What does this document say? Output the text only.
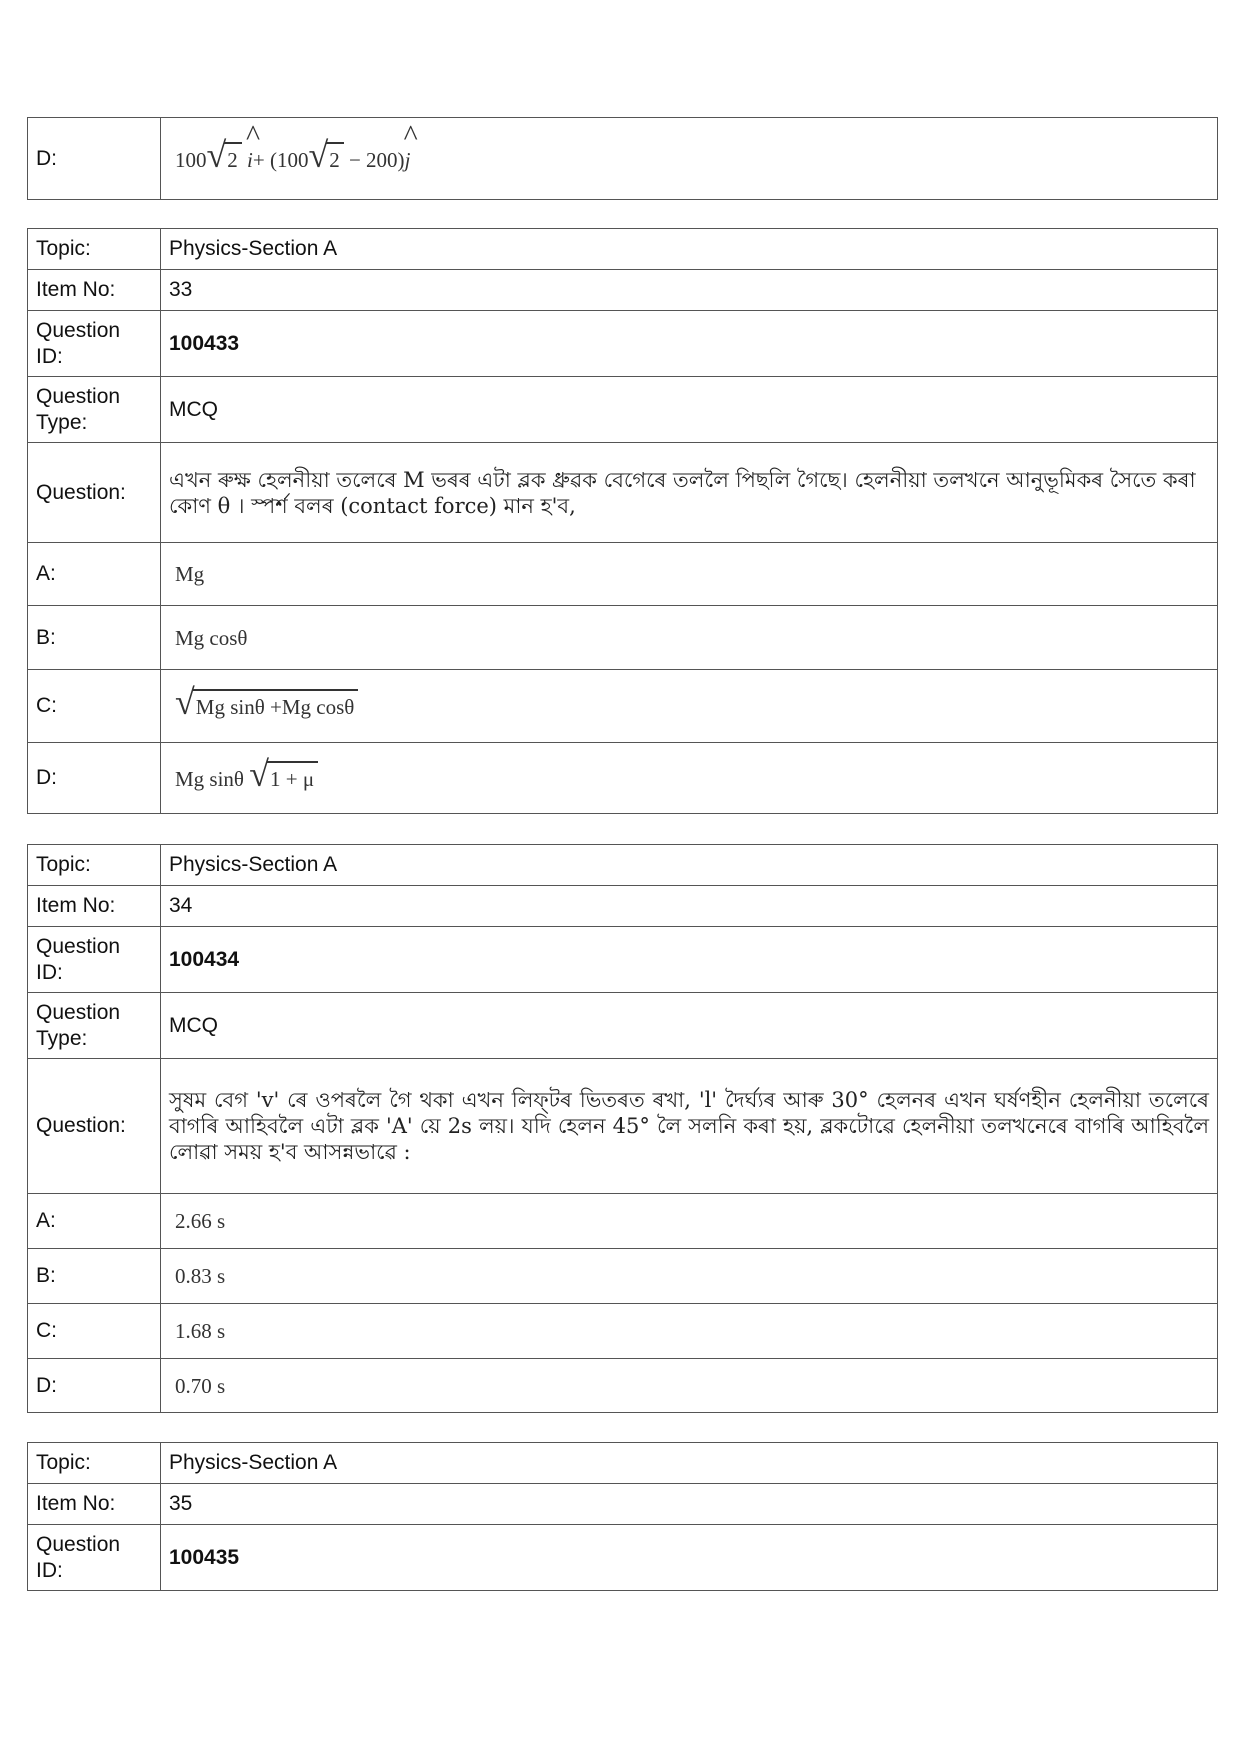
D:	100√2 ^ i+ (100√2 − 200)^ j
Topic:	Physics-Section A
Item No:	33
Question ID:	100433
Question Type:	MCQ
Question:	এখন ৰুক্ষ হেলনীয়া তলেৰে M ভৰৰ এটা ব্লক ধ্ৰুৱক বেগেৰে তললৈ পিছলি গৈছে। হেলনীয়া তলখনে আনুভূমিকৰ সৈতে কৰা কোণ θ । স্পৰ্শ বলৰ (contact force) মান হ'ব,
A:	Mg
B:	Mg cosθ
C:	√Mg sinθ +Mg cosθ
D:	Mg sinθ √1 + μ
Topic:	Physics-Section A
Item No:	34
Question ID:	100434
Question Type:	MCQ
Question:	সুষম বেগ 'v' ৰে ওপৰলৈ গৈ থকা এখন লিফ্‌টৰ ভিতৰত ৰখা, 'l' দৈৰ্ঘ্যৰ আৰু 30° হেলনৰ এখন ঘৰ্ষণহীন হেলনীয়া তলেৰে বাগৰি আহিবলৈ এটা ব্লক 'A' য়ে 2s লয়। যদি হেলন 45° লৈ সলনি কৰা হয়, ব্লকটোৱে হেলনীয়া তলখনেৰে বাগৰি আহিবলৈ লোৱা সময় হ'ব আসন্নভাৱে :
A:	2.66 s
B:	0.83 s
C:	1.68 s
D:	0.70 s
Topic:	Physics-Section A
Item No:	35
Question ID:	100435
